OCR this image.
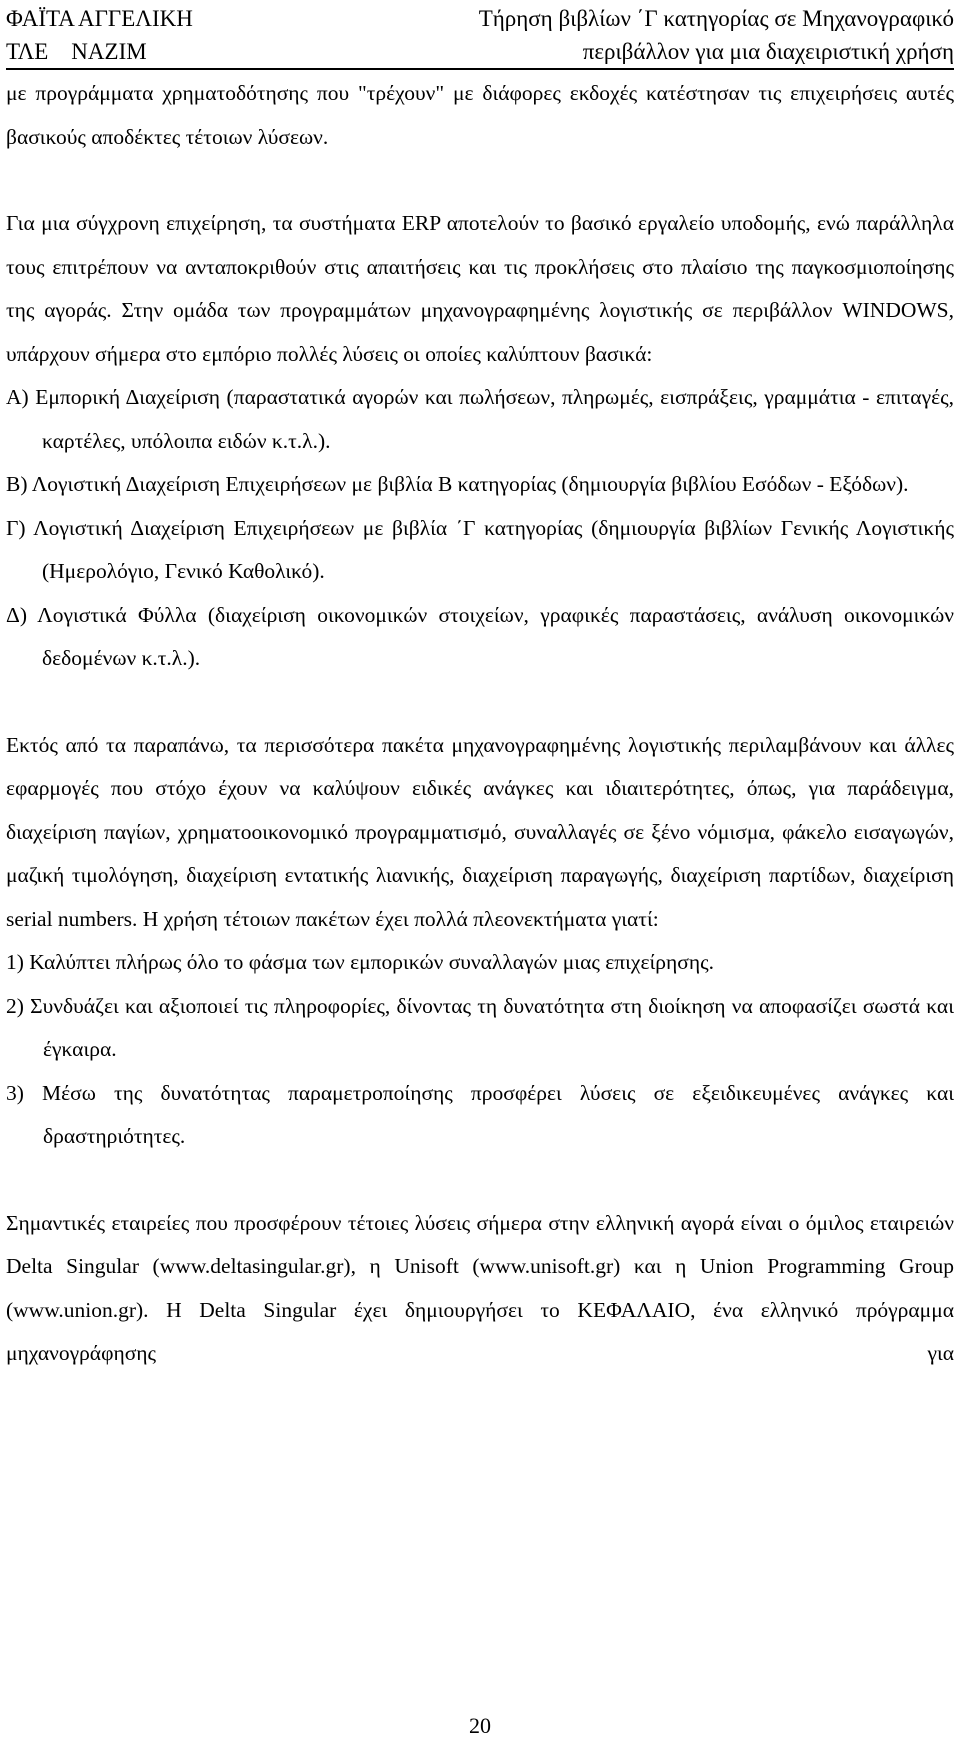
ΦΑΪΤΑ ΑΓΓΕΛΙΚΗ
ΤΛΕ    ΝΑΖΙΜ
Τήρηση βιβλίων ΄Γ κατηγορίας σε Μηχανογραφικό
περιβάλλον για μια διαχειριστική χρήση

με προγράμματα χρηματοδότησης που "τρέχουν" με διάφορες εκδοχές κατέστησαν τις επιχειρήσεις αυτές βασικούς αποδέκτες τέτοιων λύσεων.

Για μια σύγχρονη επιχείρηση, τα συστήματα ERP αποτελούν το βασικό εργαλείο υποδομής, ενώ παράλληλα τους επιτρέπουν να ανταποκριθούν στις απαιτήσεις και τις προκλήσεις στο πλαίσιο της παγκοσμιοποίησης της αγοράς. Στην ομάδα των προγραμμάτων μηχανογραφημένης λογιστικής σε περιβάλλον WINDOWS, υπάρχουν σήμερα στο εμπόριο πολλές λύσεις οι οποίες καλύπτουν βασικά:

Α) Εμπορική Διαχείριση (παραστατικά αγορών και πωλήσεων, πληρωμές, εισπράξεις, γραμμάτια - επιταγές, καρτέλες, υπόλοιπα ειδών κ.τ.λ.).

Β) Λογιστική Διαχείριση Επιχειρήσεων με βιβλία Β κατηγορίας (δημιουργία βιβλίου Εσόδων - Εξόδων).

Γ) Λογιστική Διαχείριση Επιχειρήσεων με βιβλία ΄Γ κατηγορίας (δημιουργία βιβλίων Γενικής Λογιστικής (Ημερολόγιο, Γενικό Καθολικό).

Δ) Λογιστικά Φύλλα (διαχείριση οικονομικών στοιχείων, γραφικές παραστάσεις, ανάλυση οικονομικών δεδομένων κ.τ.λ.).

Εκτός από τα παραπάνω, τα περισσότερα πακέτα μηχανογραφημένης λογιστικής περιλαμβάνουν και άλλες εφαρμογές που στόχο έχουν να καλύψουν ειδικές ανάγκες και ιδιαιτερότητες, όπως, για παράδειγμα, διαχείριση παγίων, χρηματοοικονομικό προγραμματισμό, συναλλαγές σε ξένο νόμισμα, φάκελο εισαγωγών, μαζική τιμολόγηση, διαχείριση εντατικής λιανικής, διαχείριση παραγωγής, διαχείριση παρτίδων, διαχείριση serial numbers. Η χρήση τέτοιων πακέτων έχει πολλά πλεονεκτήματα γιατί:

1) Καλύπτει πλήρως όλο το φάσμα των εμπορικών συναλλαγών μιας επιχείρησης.

2) Συνδυάζει και αξιοποιεί τις πληροφορίες, δίνοντας τη δυνατότητα στη διοίκηση να αποφασίζει σωστά και έγκαιρα.

3) Μέσω της δυνατότητας παραμετροποίησης προσφέρει λύσεις σε εξειδικευμένες ανάγκες και δραστηριότητες.

Σημαντικές εταιρείες που προσφέρουν τέτοιες λύσεις σήμερα στην ελληνική αγορά είναι ο όμιλος εταιρειών Delta Singular (www.deltasingular.gr), η Unisoft (www.unisoft.gr) και η Union Programming Group (www.union.gr). Η Delta Singular έχει δημιουργήσει το ΚΕΦΑΛΑΙΟ, ένα ελληνικό πρόγραμμα μηχανογράφησης για

20
